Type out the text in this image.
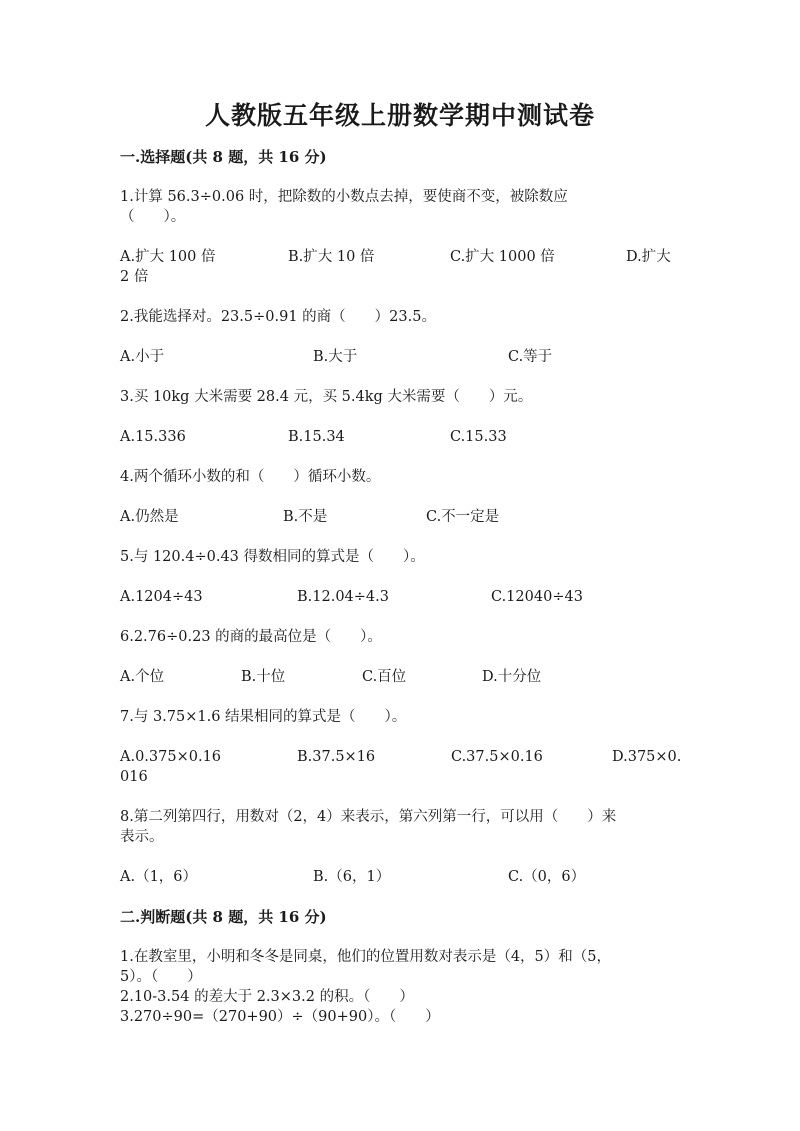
人教版五年级上册数学期中测试卷
一.选择题(共 8 题，共 16 分)
1.计算 56.3÷0.06 时，把除数的小数点去掉，要使商不变，被除数应
（　　）。
A.扩大 100 倍	B.扩大 10 倍	C.扩大 1000 倍	D.扩大
2 倍
2.我能选择对。23.5÷0.91 的商（　　）23.5。
A.小于	B.大于	C.等于
3.买 10kg 大米需要 28.4 元，买 5.4kg 大米需要（　　）元。
A.15.336	B.15.34	C.15.33
4.两个循环小数的和（　　）循环小数。
A.仍然是	B.不是	C.不一定是
5.与 120.4÷0.43 得数相同的算式是（　　）。
A.1204÷43	B.12.04÷4.3	C.12040÷43
6.2.76÷0.23 的商的最高位是（　　）。
A.个位	B.十位	C.百位	D.十分位
7.与 3.75×1.6 结果相同的算式是（　　）。
A.0.375×0.16	B.37.5×16	C.37.5×0.16	D.375×0.
016
8.第二列第四行，用数对（2，4）来表示，第六列第一行，可以用（　　）来
表示。
A.（1，6）	B.（6，1）	C.（0，6）
二.判断题(共 8 题，共 16 分)
1.在教室里，小明和冬冬是同桌，他们的位置用数对表示是（4，5）和（5，
5）。（　　）
2.10-3.54 的差大于 2.3×3.2 的积。（　　）
3.270÷90=（270+90）÷（90+90）。（　　）
